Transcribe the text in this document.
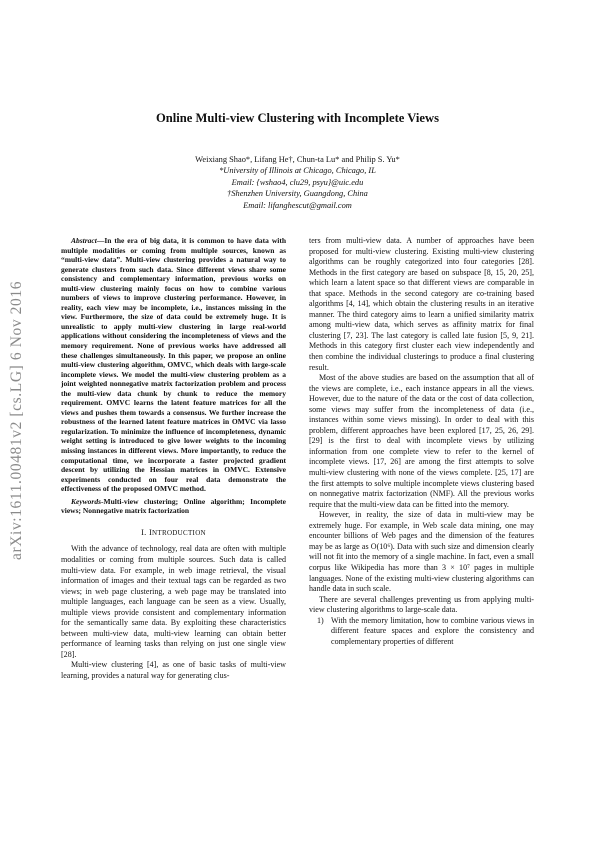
arXiv:1611.00481v2 [cs.LG] 6 Nov 2016
Online Multi-view Clustering with Incomplete Views
Weixiang Shao*, Lifang He†, Chun-ta Lu* and Philip S. Yu*
*University of Illinois at Chicago, Chicago, IL
Email: {wshao4, clu29, psyu}@uic.edu
†Shenzhen University, Guangdong, China
Email: lifanghescut@gmail.com

Abstract—In the era of big data, it is common to have data with multiple modalities or coming from multiple sources, known as “multi-view data”. Multi-view clustering provides a natural way to generate clusters from such data. Since different views share some consistency and complementary information, previous works on multi-view clustering mainly focus on how to combine various numbers of views to improve clustering performance. However, in reality, each view may be incomplete, i.e., instances missing in the view. Furthermore, the size of data could be extremely huge. It is unrealistic to apply multi-view clustering in large real-world applications without considering the incompleteness of views and the memory requirement. None of previous works have addressed all these challenges simultaneously. In this paper, we propose an online multi-view clustering algorithm, OMVC, which deals with large-scale incomplete views. We model the multi-view clustering problem as a joint weighted nonnegative matrix factorization problem and process the multi-view data chunk by chunk to reduce the memory requirement. OMVC learns the latent feature matrices for all the views and pushes them towards a consensus. We further increase the robustness of the learned latent feature matrices in OMVC via lasso regularization. To minimize the influence of incompleteness, dynamic weight setting is introduced to give lower weights to the incoming missing instances in different views. More importantly, to reduce the computational time, we incorporate a faster projected gradient descent by utilizing the Hessian matrices in OMVC. Extensive experiments conducted on four real data demonstrate the effectiveness of the proposed OMVC method.

Keywords-Multi-view clustering; Online algorithm; Incomplete views; Nonnegative matrix factorization

I. INTRODUCTION

With the advance of technology, real data are often with multiple modalities or coming from multiple sources. Such data is called multi-view data. For example, in web image retrieval, the visual information of images and their textual tags can be regarded as two views; in web page clustering, a web page may be translated into multiple languages, each language can be seen as a view. Usually, multiple views provide consistent and complementary information for the semantically same data. By exploiting these characteristics between multi-view data, multi-view learning can obtain better performance of learning tasks than relying on just one single view [28].

Multi-view clustering [4], as one of basic tasks of multi-view learning, provides a natural way for generating clus-

ters from multi-view data. A number of approaches have been proposed for multi-view clustering. Existing multi-view clustering algorithms can be roughly categorized into four categories [28]. Methods in the first category are based on subspace [8, 15, 20, 25], which learn a latent space so that different views are comparable in that space. Methods in the second category are co-training based algorithms [4, 14], which obtain the clustering results in an iterative manner. The third category aims to learn a unified similarity matrix among multi-view data, which serves as affinity matrix for final clustering [7, 23]. The last category is called late fusion [5, 9, 21]. Methods in this category first cluster each view independently and then combine the individual clusterings to produce a final clustering result.

Most of the above studies are based on the assumption that all of the views are complete, i.e., each instance appears in all the views. However, due to the nature of the data or the cost of data collection, some views may suffer from the incompleteness of data (i.e., instances within some views missing). In order to deal with this problem, different approaches have been explored [17, 25, 26, 29]. [29] is the first to deal with incomplete views by utilizing information from one complete view to refer to the kernel of incomplete views. [17, 26] are among the first attempts to solve multi-view clustering with none of the views complete. [25, 17] are the first attempts to solve multiple incomplete views clustering based on nonnegative matrix factorization (NMF). All the previous works require that the multi-view data can be fitted into the memory.

However, in reality, the size of data in multi-view may be extremely huge. For example, in Web scale data mining, one may encounter billions of Web pages and the dimension of the features may be as large as O(10⁶). Data with such size and dimension clearly will not fit into the memory of a single machine. In fact, even a small corpus like Wikipedia has more than 3 × 10⁷ pages in multiple languages. None of the existing multi-view clustering algorithms can handle data in such scale.

There are several challenges preventing us from applying multi-view clustering algorithms to large-scale data.

1) With the memory limitation, how to combine various views in different feature spaces and explore the consistency and complementary properties of different
